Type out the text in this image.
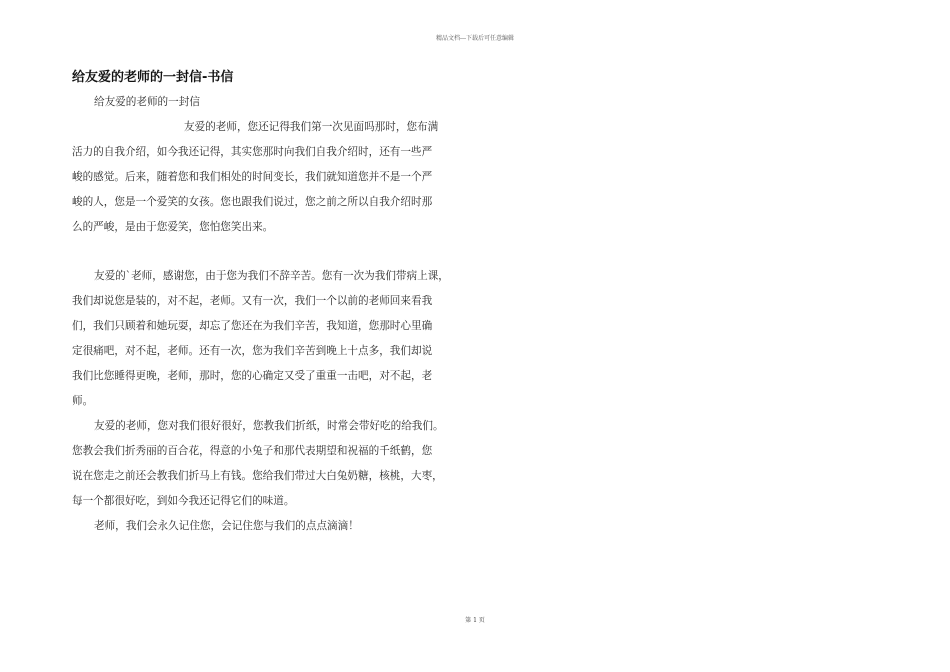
精品文档---下载后可任意编辑
给友爱的老师的一封信-书信
给友爱的老师的一封信
友爱的老师，您还记得我们第一次见面吗那时，您布满
活力的自我介绍，如今我还记得，其实您那时向我们自我介绍时，还有一些严
峻的感觉。后来，随着您和我们相处的时间变长，我们就知道您并不是一个严
峻的人，您是一个爱笑的女孩。您也跟我们说过，您之前之所以自我介绍时那
么的严峻，是由于您爱笑，您怕您笑出来。
友爱的`老师，感谢您，由于您为我们不辞辛苦。您有一次为我们带病上课，
我们却说您是装的，对不起，老师。又有一次，我们一个以前的老师回来看我
们，我们只顾着和她玩耍，却忘了您还在为我们辛苦，我知道，您那时心里确
定很痛吧，对不起，老师。还有一次，您为我们辛苦到晚上十点多，我们却说
我们比您睡得更晚，老师，那时，您的心确定又受了重重一击吧，对不起，老
师。
友爱的老师，您对我们很好很好，您教我们折纸，时常会带好吃的给我们。
您教会我们折秀丽的百合花，得意的小兔子和那代表期望和祝福的千纸鹤，您
说在您走之前还会教我们折马上有钱。您给我们带过大白兔奶糖，核桃，大枣，
每一个都很好吃，到如今我还记得它们的味道。
老师，我们会永久记住您，会记住您与我们的点点滴滴！
第 1 页
